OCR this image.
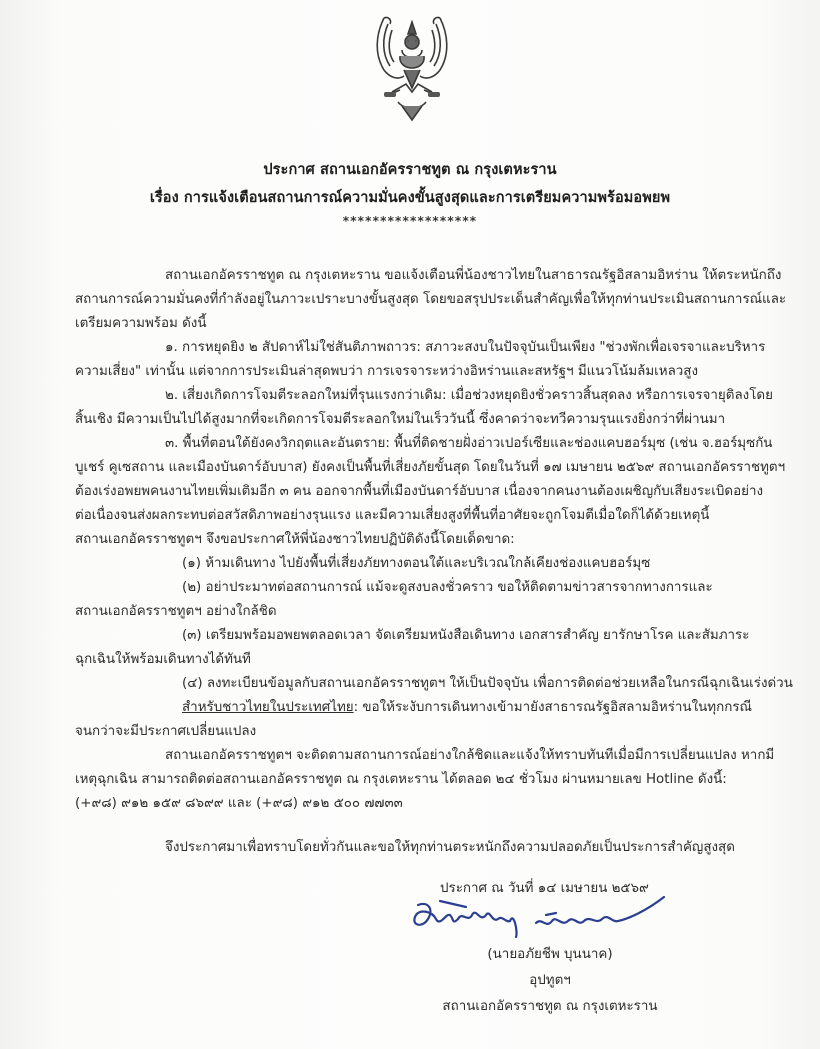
ประกาศ สถานเอกอัครราชทูต ณ กรุงเตหะราน
เรื่อง การแจ้งเตือนสถานการณ์ความมั่นคงขั้นสูงสุดและการเตรียมความพร้อมอพยพ
******************
สถานเอกอัครราชทูต ณ กรุงเตหะราน ขอแจ้งเตือนพี่น้องชาวไทยในสาธารณรัฐอิสลามอิหร่าน ให้ตระหนักถึง
สถานการณ์ความมั่นคงที่กำลังอยู่ในภาวะเปราะบางขั้นสูงสุด โดยขอสรุปประเด็นสำคัญเพื่อให้ทุกท่านประเมินสถานการณ์และ
เตรียมความพร้อม ดังนี้
๑. การหยุดยิง ๒ สัปดาห์ไม่ใช่สันติภาพถาวร: สภาวะสงบในปัจจุบันเป็นเพียง "ช่วงพักเพื่อเจรจาและบริหาร
ความเสี่ยง" เท่านั้น แต่จากการประเมินล่าสุดพบว่า การเจรจาระหว่างอิหร่านและสหรัฐฯ มีแนวโน้มล้มเหลวสูง
๒. เสี่ยงเกิดการโจมตีระลอกใหม่ที่รุนแรงกว่าเดิม: เมื่อช่วงหยุดยิงชั่วคราวสิ้นสุดลง หรือการเจรจายุติลงโดย
สิ้นเชิง มีความเป็นไปได้สูงมากที่จะเกิดการโจมตีระลอกใหม่ในเร็ววันนี้ ซึ่งคาดว่าจะทวีความรุนแรงยิ่งกว่าที่ผ่านมา
๓. พื้นที่ตอนใต้ยังคงวิกฤตและอันตราย: พื้นที่ติดชายฝั่งอ่าวเปอร์เซียและช่องแคบฮอร์มุซ (เช่น จ.ฮอร์มุซกัน
บูเชร์ คูเซสถาน และเมืองบันดาร์อับบาส) ยังคงเป็นพื้นที่เสี่ยงภัยขั้นสุด โดยในวันที่ ๑๗ เมษายน ๒๕๖๙ สถานเอกอัครราชทูตฯ
ต้องเร่งอพยพคนงานไทยเพิ่มเติมอีก ๓ คน ออกจากพื้นที่เมืองบันดาร์อับบาส เนื่องจากคนงานต้องเผชิญกับเสียงระเบิดอย่าง
ต่อเนื่องจนส่งผลกระทบต่อสวัสดิภาพอย่างรุนแรง และมีความเสี่ยงสูงที่พื้นที่อาศัยจะถูกโจมตีเมื่อใดก็ได้ด้วยเหตุนี้
สถานเอกอัครราชทูตฯ จึงขอประกาศให้พี่น้องชาวไทยปฏิบัติดังนี้โดยเด็ดขาด:
(๑) ห้ามเดินทาง ไปยังพื้นที่เสี่ยงภัยทางตอนใต้และบริเวณใกล้เคียงช่องแคบฮอร์มุซ
(๒) อย่าประมาทต่อสถานการณ์ แม้จะดูสงบลงชั่วคราว ขอให้ติดตามข่าวสารจากทางการและ
สถานเอกอัครราชทูตฯ อย่างใกล้ชิด
(๓) เตรียมพร้อมอพยพตลอดเวลา จัดเตรียมหนังสือเดินทาง เอกสารสำคัญ ยารักษาโรค และสัมภาระ
ฉุกเฉินให้พร้อมเดินทางได้ทันที
(๔) ลงทะเบียนข้อมูลกับสถานเอกอัครราชทูตฯ ให้เป็นปัจจุบัน เพื่อการติดต่อช่วยเหลือในกรณีฉุกเฉินเร่งด่วน
สำหรับชาวไทยในประเทศไทย: ขอให้ระงับการเดินทางเข้ามายังสาธารณรัฐอิสลามอิหร่านในทุกกรณี
จนกว่าจะมีประกาศเปลี่ยนแปลง
สถานเอกอัครราชทูตฯ จะติดตามสถานการณ์อย่างใกล้ชิดและแจ้งให้ทราบทันทีเมื่อมีการเปลี่ยนแปลง หากมี
เหตุฉุกเฉิน สามารถติดต่อสถานเอกอัครราชทูต ณ กรุงเตหะราน ได้ตลอด ๒๔ ชั่วโมง ผ่านหมายเลข Hotline ดังนี้:
(+๙๘) ๙๑๒ ๑๕๙ ๘๖๙๙ และ (+๙๘) ๙๑๒ ๕๐๐ ๗๗๓๓
จึงประกาศมาเพื่อทราบโดยทั่วกันและขอให้ทุกท่านตระหนักถึงความปลอดภัยเป็นประการสำคัญสูงสุด
ประกาศ ณ วันที่ ๑๔ เมษายน ๒๕๖๙
(นายอภัยชีพ บุนนาค)
อุปทูตฯ
สถานเอกอัครราชทูต ณ กรุงเตหะราน
